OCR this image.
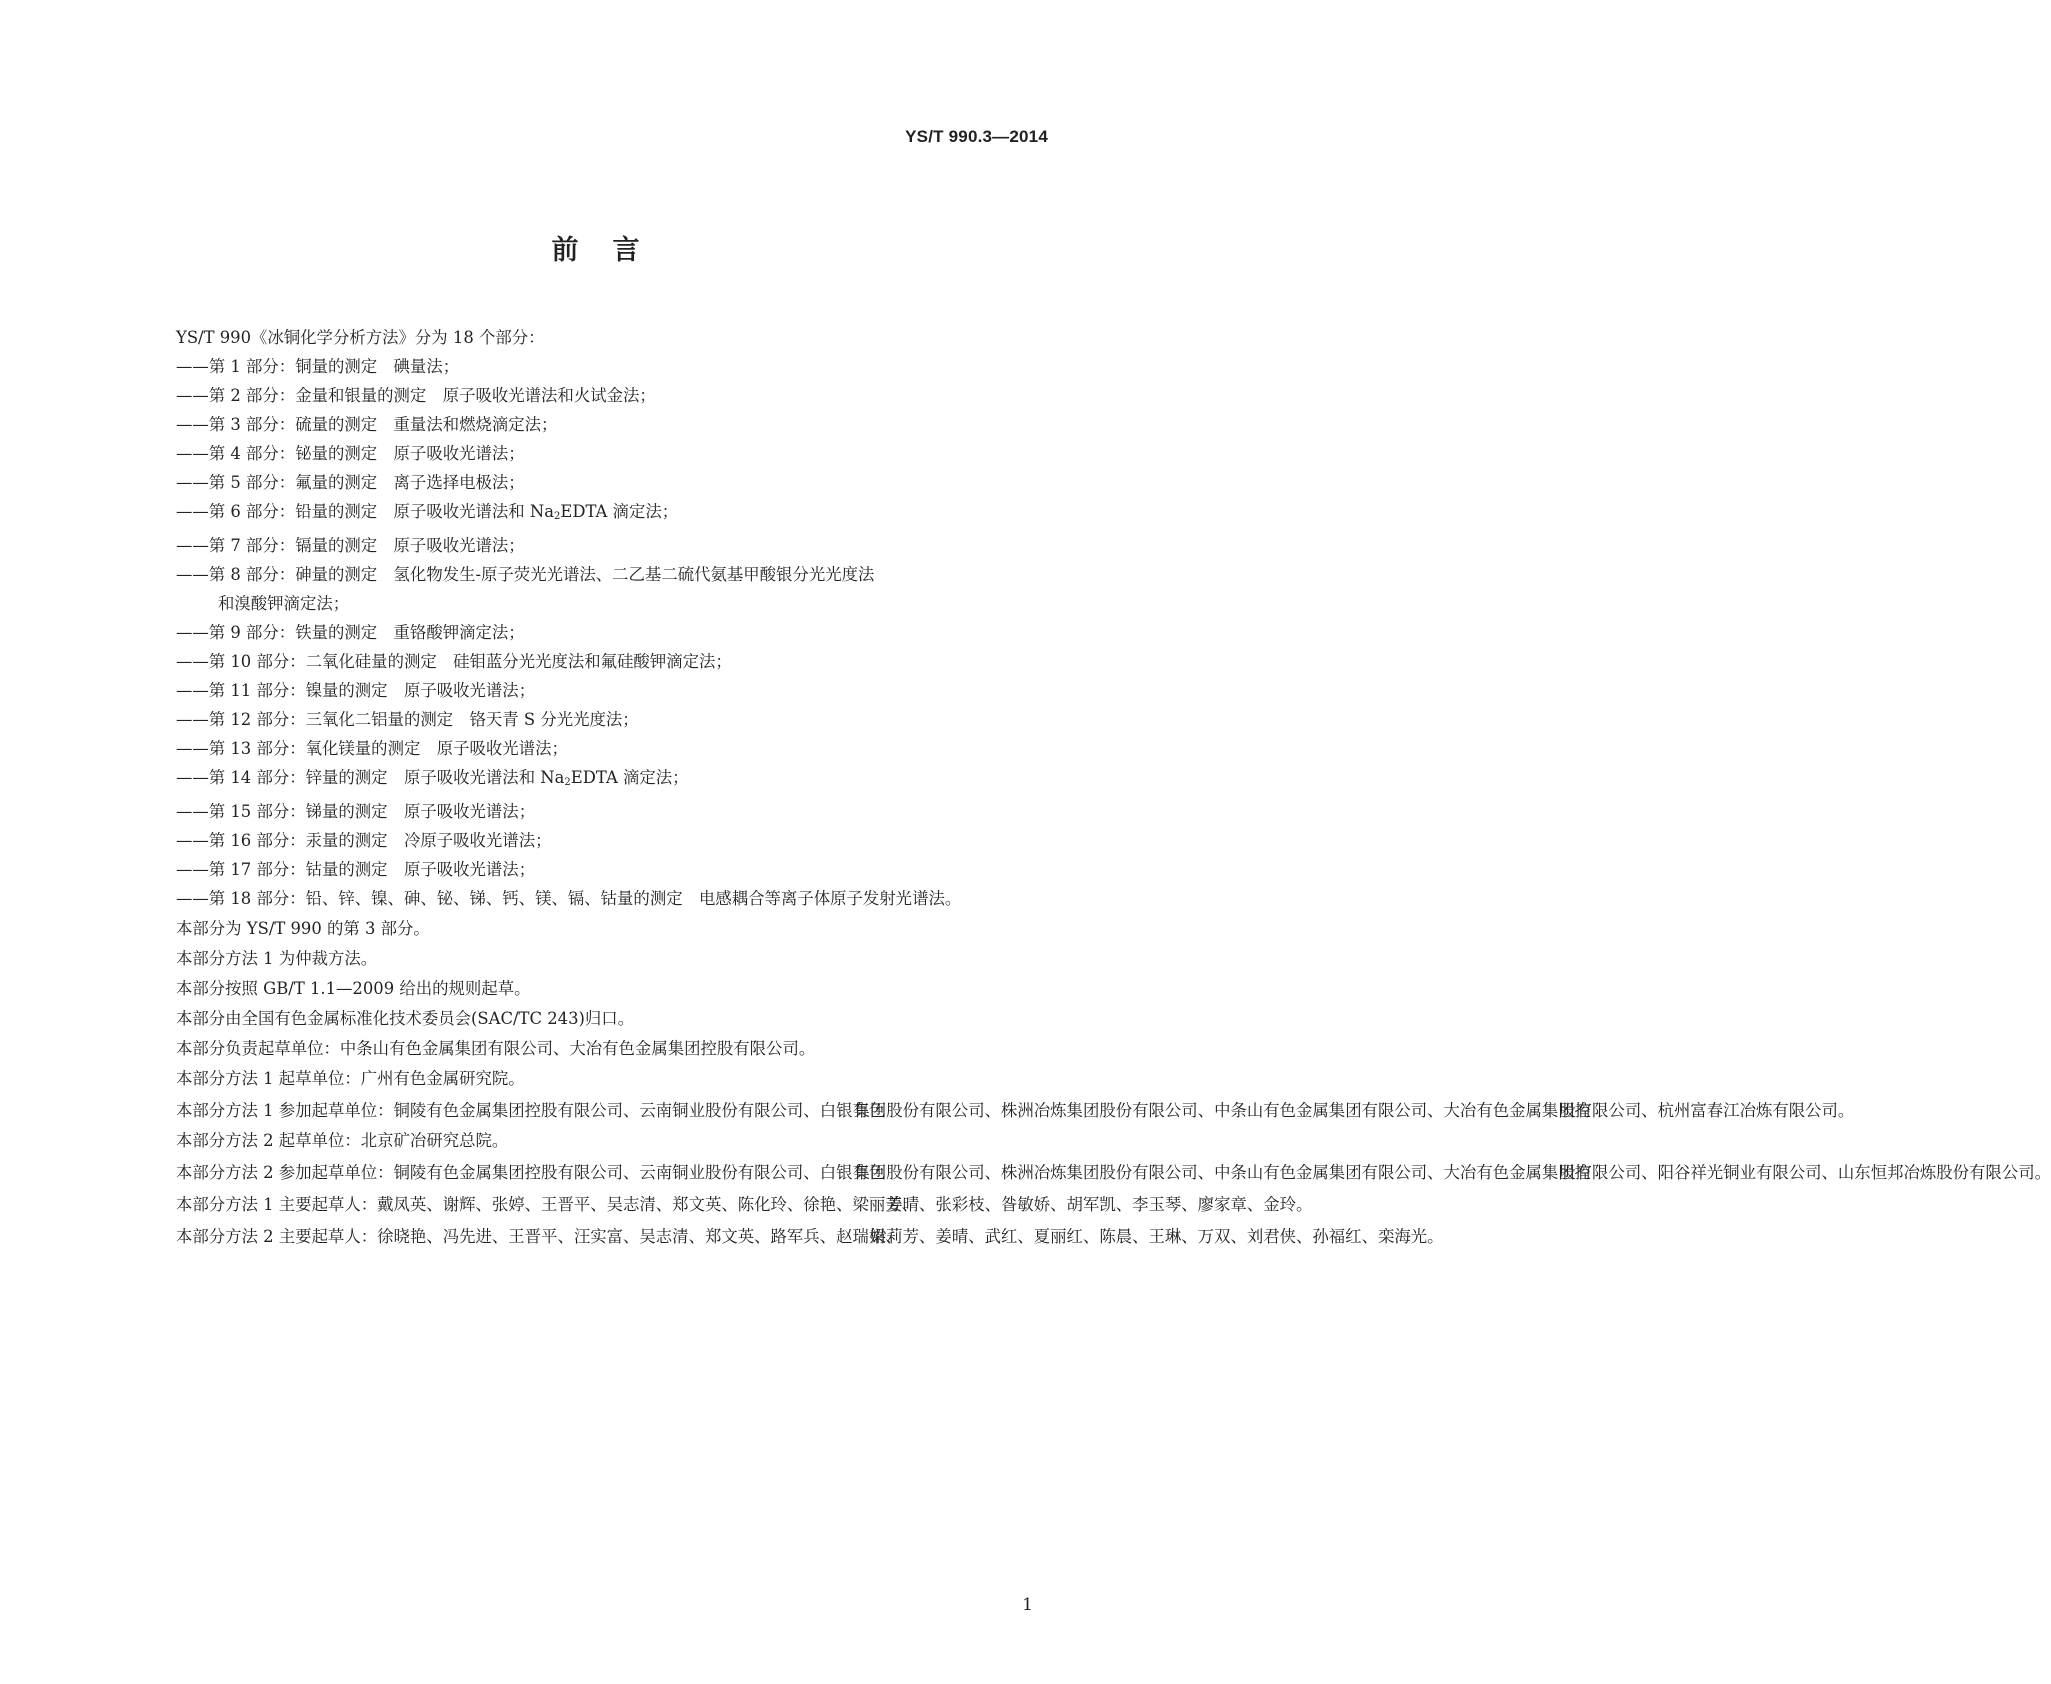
YS/T 990.3—2014
前言

YS/T 990《冰铜化学分析方法》分为 18 个部分：

——第 1 部分：铜量的测定　碘量法；

——第 2 部分：金量和银量的测定　原子吸收光谱法和火试金法；

——第 3 部分：硫量的测定　重量法和燃烧滴定法；

——第 4 部分：铋量的测定　原子吸收光谱法；

——第 5 部分：氟量的测定　离子选择电极法；

——第 6 部分：铅量的测定　原子吸收光谱法和 $Na_2EDTA$ 滴定法；

——第 7 部分：镉量的测定　原子吸收光谱法；

——第 8 部分：砷量的测定　氢化物发生-原子荧光光谱法、二乙基二硫代氨基甲酸银分光光度法

和溴酸钾滴定法；

——第 9 部分：铁量的测定　重铬酸钾滴定法；

——第 10 部分：二氧化硅量的测定　硅钼蓝分光光度法和氟硅酸钾滴定法；

——第 11 部分：镍量的测定　原子吸收光谱法；

——第 12 部分：三氧化二铝量的测定　铬天青 S 分光光度法；

——第 13 部分：氧化镁量的测定　原子吸收光谱法；

——第 14 部分：锌量的测定　原子吸收光谱法和 $Na_2EDTA$ 滴定法；

——第 15 部分：锑量的测定　原子吸收光谱法；

——第 16 部分：汞量的测定　冷原子吸收光谱法；

——第 17 部分：钴量的测定　原子吸收光谱法；

——第 18 部分：铅、锌、镍、砷、铋、锑、钙、镁、镉、钴量的测定　电感耦合等离子体原子发射光谱法。

本部分为 YS/T 990 的第 3 部分。

本部分方法 1 为仲裁方法。

本部分按照 GB/T 1.1—2009 给出的规则起草。

本部分由全国有色金属标准化技术委员会(SAC/TC 243)归口。

本部分负责起草单位：中条山有色金属集团有限公司、大冶有色金属集团控股有限公司。

本部分方法 1 起草单位：广州有色金属研究院。

本部分方法 1 参加起草单位：铜陵有色金属集团控股有限公司、云南铜业股份有限公司、白银有色 集团股份有限公司、株洲冶炼集团股份有限公司、中条山有色金属集团有限公司、大冶有色金属集团控 股有限公司、杭州富春江冶炼有限公司。

本部分方法 2 起草单位：北京矿冶研究总院。

本部分方法 2 参加起草单位：铜陵有色金属集团控股有限公司、云南铜业股份有限公司、白银有色 集团股份有限公司、株洲冶炼集团股份有限公司、中条山有色金属集团有限公司、大冶有色金属集团控 股有限公司、阳谷祥光铜业有限公司、山东恒邦冶炼股份有限公司。
本部分方法 1 主要起草人：戴凤英、谢辉、张婷、王晋平、吴志清、郑文英、陈化玲、徐艳、梁丽芳、 姜晴、张彩枝、昝敏娇、胡军凯、李玉琴、廖家章、金玲。
本部分方法 2 主要起草人：徐晓艳、冯先进、王晋平、汪实富、吴志清、郑文英、路军兵、赵瑞娟、 梁莉芳、姜晴、武红、夏丽红、陈晨、王琳、万双、刘君侠、孙福红、栾海光。
1
